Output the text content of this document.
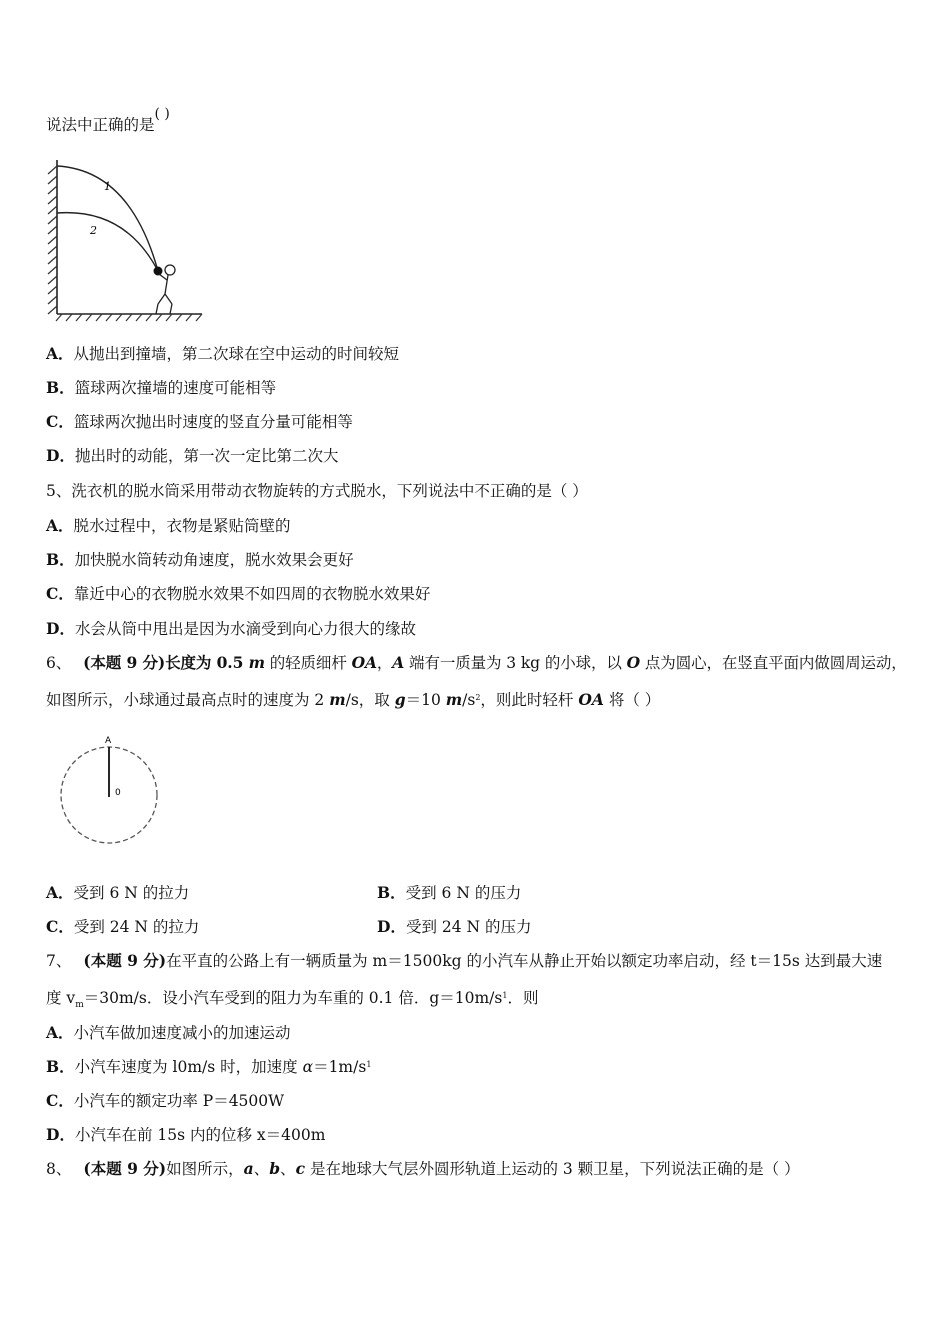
说法中正确的是( )
1
2
A．从抛出到撞墙，第二次球在空中运动的时间较短
B．篮球两次撞墙的速度可能相等
C．篮球两次抛出时速度的竖直分量可能相等
D．抛出时的动能，第一次一定比第二次大
5、洗衣机的脱水筒采用带动衣物旋转的方式脱水，下列说法中不正确的是（ ）
A．脱水过程中，衣物是紧贴筒壁的
B．加快脱水筒转动角速度，脱水效果会更好
C．靠近中心的衣物脱水效果不如四周的衣物脱水效果好
D．水会从筒中甩出是因为水滴受到向心力很大的缘故
6、 (本题 9 分)长度为 0.5 m 的轻质细杆 OA，A 端有一质量为 3 kg 的小球，以 O 点为圆心，在竖直平面内做圆周运动，
如图所示，小球通过最高点时的速度为 2 m/s，取 g＝10 $m/s^2$，则此时轻杆 OA 将（ ）
A
0
A．受到 6 N 的拉力	B．受到 6 N 的压力
C．受到 24 N 的拉力	D．受到 24 N 的压力
7、 (本题 9 分)在平直的公路上有一辆质量为 m＝1500kg 的小汽车从静止开始以额定功率启动，经 t＝15s 达到最大速
度 $v_m=30m/s$．设小汽车受到的阻力为车重的 0.1 倍．$g=10m/s^1$．则
A．小汽车做加速度减小的加速运动
B．小汽车速度为 l0m/s 时，加速度 $\alpha=1m/s^1$
C．小汽车的额定功率 P＝4500W
D．小汽车在前 15s 内的位移 x＝400m
8、 (本题 9 分)如图所示，a、b、c 是在地球大气层外圆形轨道上运动的 3 颗卫星，下列说法正确的是（ ）
